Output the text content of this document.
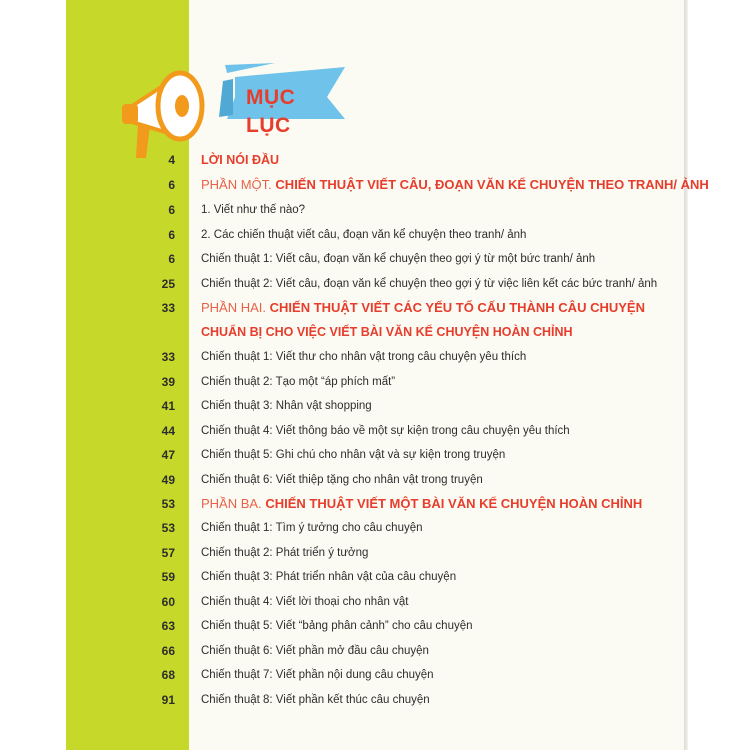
MỤC LỤC
4 LỜI NÓI ĐẦU
6 PHẦN MỘT. CHIẾN THUẬT VIẾT CÂU, ĐOẠN VĂN KỂ CHUYỆN THEO TRANH/ ẢNH
6 1. Viết như thế nào?
6 2. Các chiến thuật viết câu, đoạn văn kể chuyện theo tranh/ ảnh
6 Chiến thuật 1: Viết câu, đoạn văn kể chuyện theo gợi ý từ một bức tranh/ ảnh
25 Chiến thuật 2: Viết câu, đoạn văn kể chuyện theo gợi ý từ việc liên kết các bức tranh/ ảnh
33 PHẦN HAI. CHIẾN THUẬT VIẾT CÁC YẾU TỐ CẤU THÀNH CÂU CHUYỆN
CHUẨN BỊ CHO VIỆC VIẾT BÀI VĂN KỂ CHUYỆN HOÀN CHỈNH
33 Chiến thuật 1: Viết thư cho nhân vật trong câu chuyện yêu thích
39 Chiến thuật 2: Tạo một “áp phích mất”
41 Chiến thuật 3: Nhân vật shopping
44 Chiến thuật 4: Viết thông báo về một sự kiện trong câu chuyện yêu thích
47 Chiến thuật 5: Ghi chú cho nhân vật và sự kiện trong truyện
49 Chiến thuật 6: Viết thiệp tặng cho nhân vật trong truyện
53 PHẦN BA. CHIẾN THUẬT VIẾT MỘT BÀI VĂN KỂ CHUYỆN HOÀN CHỈNH
53 Chiến thuật 1: Tìm ý tưởng cho câu chuyện
57 Chiến thuật 2: Phát triển ý tưởng
59 Chiến thuật 3: Phát triển nhân vật của câu chuyện
60 Chiến thuật 4: Viết lời thoại cho nhân vật
63 Chiến thuật 5: Viết “bảng phân cảnh” cho câu chuyện
66 Chiến thuật 6: Viết phần mở đầu câu chuyện
68 Chiến thuật 7: Viết phần nội dung câu chuyện
91 Chiến thuật 8: Viết phần kết thúc câu chuyện
